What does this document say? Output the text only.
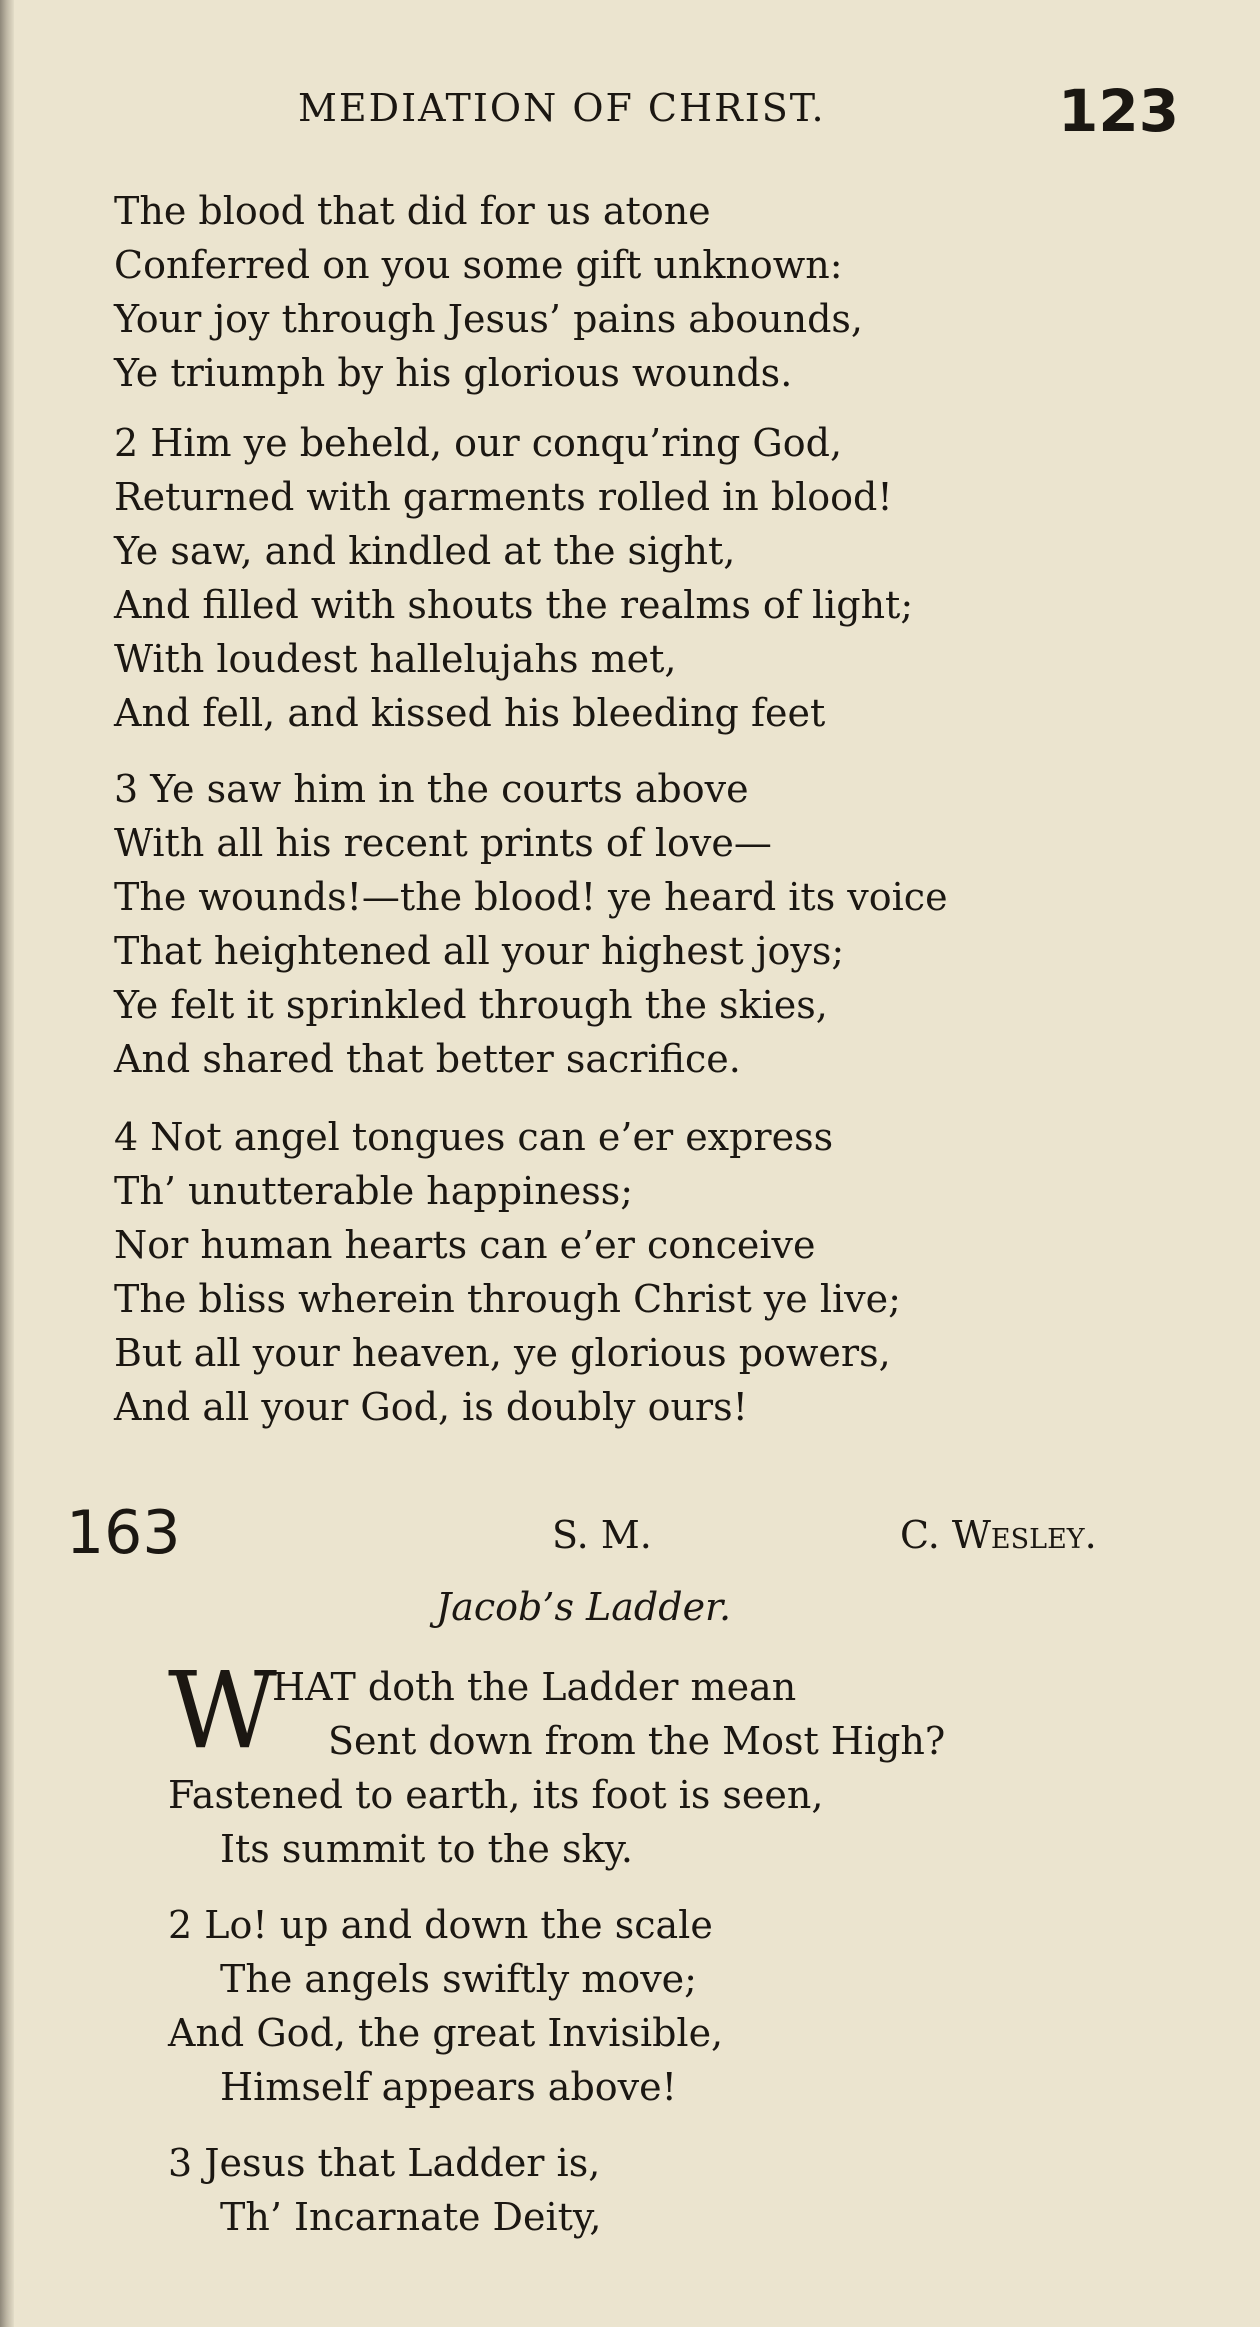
MEDIATION OF CHRIST.	123
The blood that did for us atone
Conferred on you some gift unknown:
Your joy through Jesus’ pains abounds,
Ye triumph by his glorious wounds.
2 Him ye beheld, our conqu’ring God,
Returned with garments rolled in blood!
Ye saw, and kindled at the sight,
And filled with shouts the realms of light;
With loudest hallelujahs met,
And fell, and kissed his bleeding feet
3 Ye saw him in the courts above
With all his recent prints of love—
The wounds!—the blood! ye heard its voice
That heightened all your highest joys;
Ye felt it sprinkled through the skies,
And shared that better sacrifice.
4 Not angel tongues can e’er express
Th’ unutterable happiness;
Nor human hearts can e’er conceive
The bliss wherein through Christ ye live;
But all your heaven, ye glorious powers,
And all your God, is doubly ours!
163	S. M.	C. Wesley.
Jacob’s Ladder.
W
HAT doth the Ladder mean
Sent down from the Most High?
Fastened to earth, its foot is seen,
Its summit to the sky.
2 Lo! up and down the scale
The angels swiftly move;
And God, the great Invisible,
Himself appears above!
3 Jesus that Ladder is,
Th’ Incarnate Deity,
